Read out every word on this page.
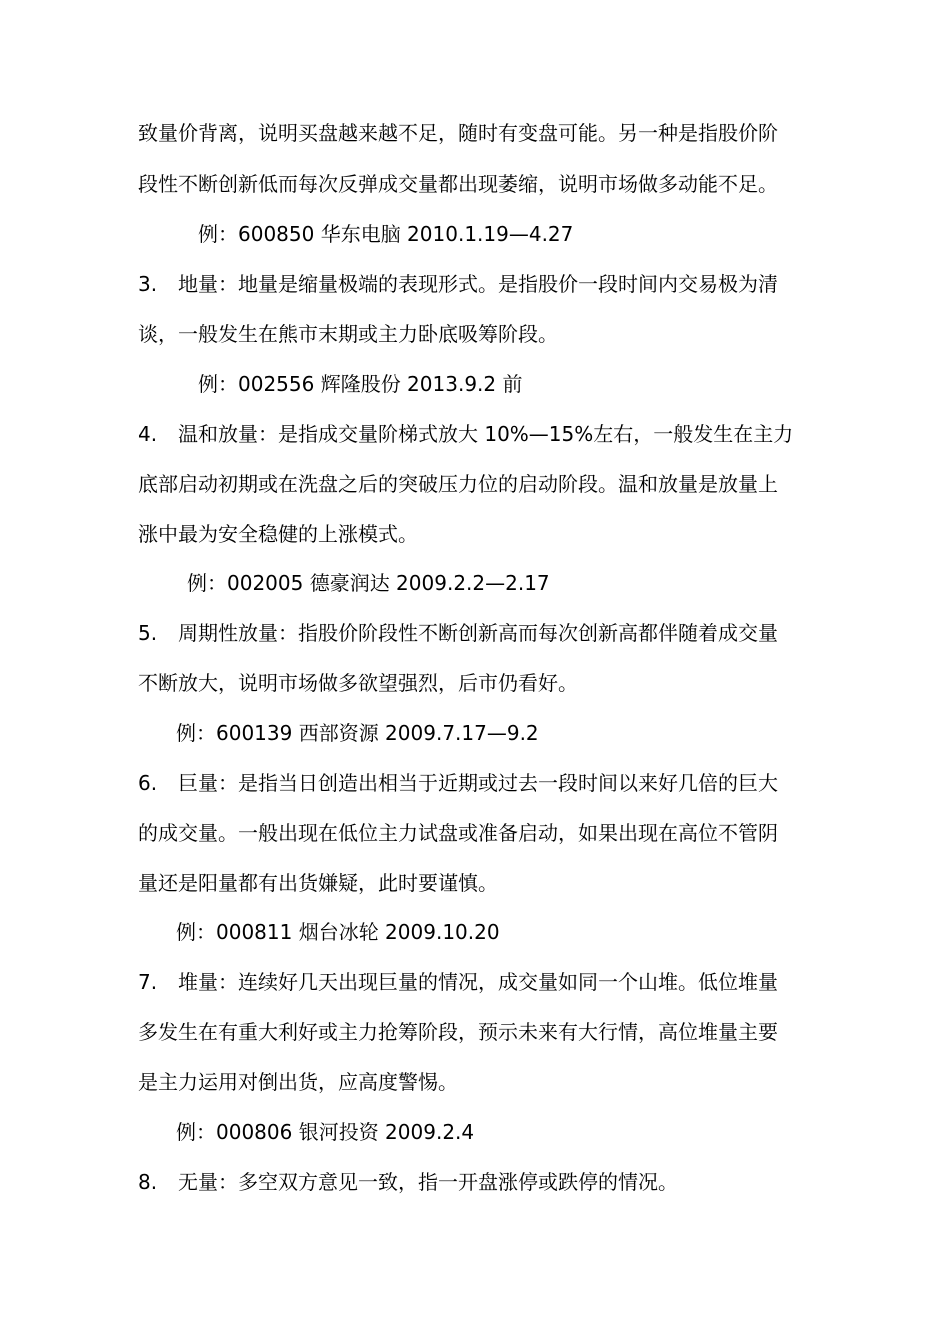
致量价背离，说明买盘越来越不足，随时有变盘可能。另一种是指股价阶
段性不断创新低而每次反弹成交量都出现萎缩，说明市场做多动能不足。
例：600850 华东电脑 2010.1.19—4.27
3. 地量：地量是缩量极端的表现形式。是指股价一段时间内交易极为清
谈，一般发生在熊市末期或主力卧底吸筹阶段。
例：002556 辉隆股份 2013.9.2 前
4. 温和放量：是指成交量阶梯式放大 10%—15%左右，一般发生在主力
底部启动初期或在洗盘之后的突破压力位的启动阶段。温和放量是放量上
涨中最为安全稳健的上涨模式。
例：002005 德豪润达 2009.2.2—2.17
5. 周期性放量：指股价阶段性不断创新高而每次创新高都伴随着成交量
不断放大，说明市场做多欲望强烈，后市仍看好。
例：600139 西部资源 2009.7.17—9.2
6. 巨量：是指当日创造出相当于近期或过去一段时间以来好几倍的巨大
的成交量。一般出现在低位主力试盘或准备启动，如果出现在高位不管阴
量还是阳量都有出货嫌疑，此时要谨慎。
例：000811 烟台冰轮 2009.10.20
7. 堆量：连续好几天出现巨量的情况，成交量如同一个山堆。低位堆量
多发生在有重大利好或主力抢筹阶段，预示未来有大行情，高位堆量主要
是主力运用对倒出货，应高度警惕。
例：000806 银河投资 2009.2.4
8. 无量：多空双方意见一致，指一开盘涨停或跌停的情况。
